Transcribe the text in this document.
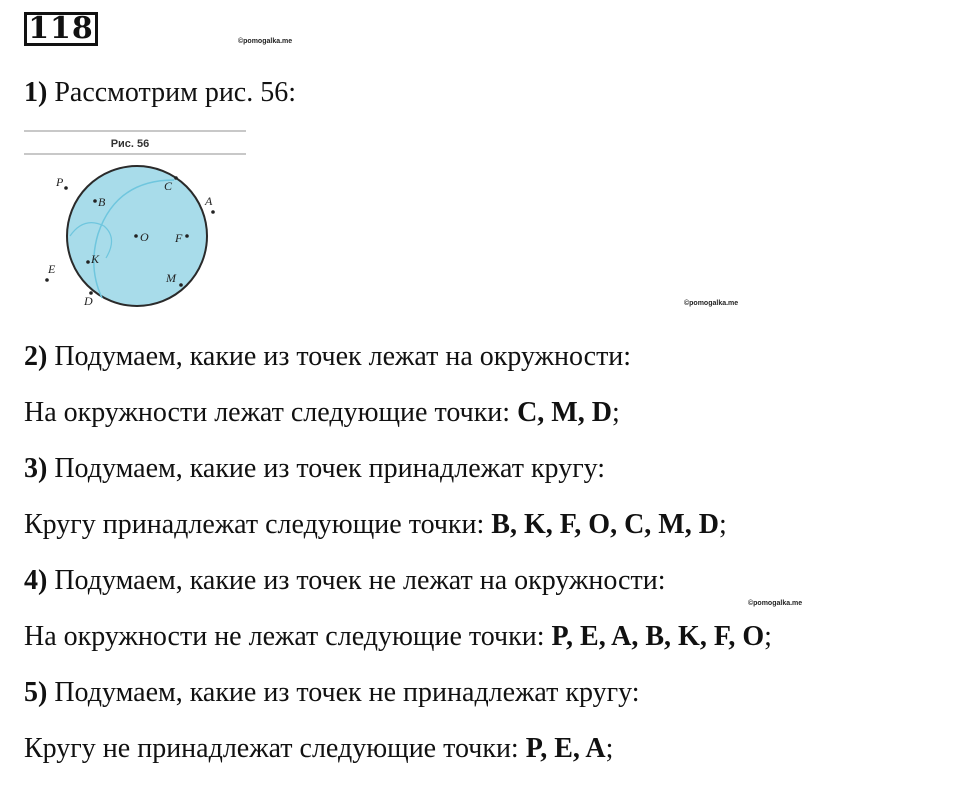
118	©pomogalka.me
1) Рассмотрим рис. 56:
Рис. 56
P
B
C
A
O F
K
E
M
D	©pomogalka.me
2) Подумаем, какие из точек лежат на окружности:
На окружности лежат следующие точки: C, M, D;
3) Подумаем, какие из точек принадлежат кругу:
Кругу принадлежат следующие точки: B, K, F, O, C, M, D;
4) Подумаем, какие из точек не лежат на окружности:
©pomogalka.me
На окружности не лежат следующие точки: P, E, A, B, K, F, O;
5) Подумаем, какие из точек не принадлежат кругу:
Кругу не принадлежат следующие точки: P, E, A;
